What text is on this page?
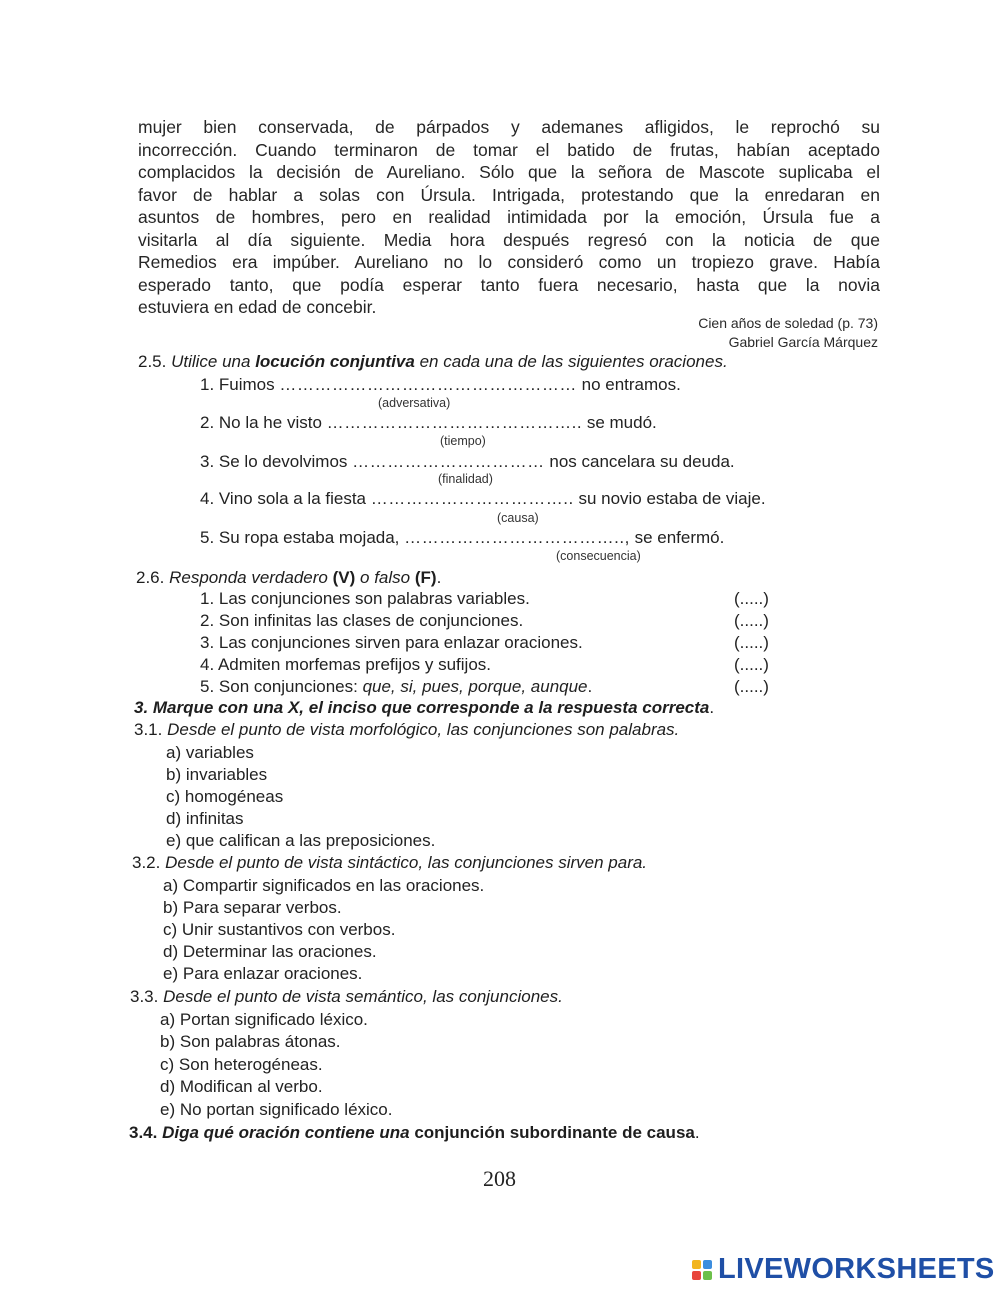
mujer bien conservada, de párpados y ademanes afligidos, le reprochó su
incorrección. Cuando terminaron de tomar el batido de frutas, habían aceptado
complacidos la decisión de Aureliano. Sólo que la señora de Mascote suplicaba el
favor de hablar a solas con Úrsula. Intrigada, protestando que la enredaran en
asuntos de hombres, pero en realidad intimidada por la emoción, Úrsula fue a
visitarla al día siguiente. Media hora después regresó con la noticia de que
Remedios era impúber. Aureliano no lo consideró como un tropiezo grave. Había
esperado tanto, que podía esperar tanto fuera necesario, hasta que la novia
estuviera en edad de concebir.
Cien años de soledad (p. 73)
Gabriel García Márquez
2.5. Utilice una locución conjuntiva en cada una de las siguientes oraciones.
1. Fuimos …………………………………………… no entramos.
(adversativa)
2. No la he visto …………………………………….. se mudó.
(tiempo)
3. Se lo devolvimos …………………………… nos cancelara su deuda.
(finalidad)
4. Vino sola a la fiesta …………………………….. su novio estaba de viaje.
(causa)
5. Su ropa estaba mojada, ……………………………….., se enfermó.
(consecuencia)
2.6. Responda verdadero (V) o falso (F).
1. Las conjunciones son palabras variables.	(.....)
2. Son infinitas las clases de conjunciones.	(.....)
3. Las conjunciones sirven para enlazar oraciones.	(.....)
4. Admiten morfemas prefijos y sufijos.	(.....)
5. Son conjunciones: que, si, pues, porque, aunque.	(.....)
3. Marque con una X, el inciso que corresponde a la respuesta correcta.
3.1. Desde el punto de vista morfológico, las conjunciones son palabras.
a) variables
b) invariables
c) homogéneas
d) infinitas
e) que califican a las preposiciones.
3.2. Desde el punto de vista sintáctico, las conjunciones sirven para.
a) Compartir significados en las oraciones.
b) Para separar verbos.
c) Unir sustantivos con verbos.
d) Determinar las oraciones.
e) Para enlazar oraciones.
3.3. Desde el punto de vista semántico, las conjunciones.
a) Portan significado léxico.
b) Son palabras átonas.
c) Son heterogéneas.
d) Modifican al verbo.
e) No portan significado léxico.
3.4. Diga qué oración contiene una conjunción subordinante de causa.
208
LIVEWORKSHEETS
